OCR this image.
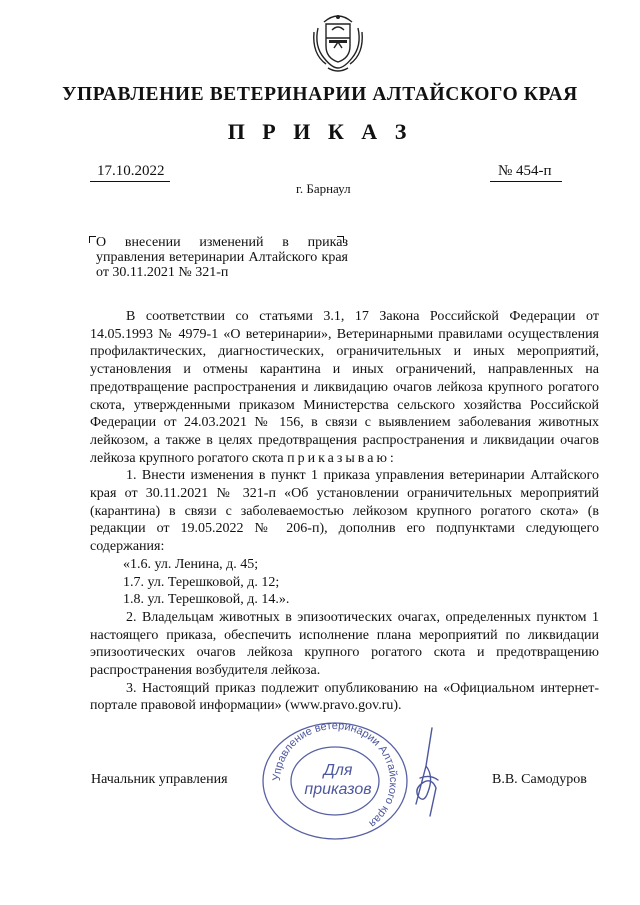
УПРАВЛЕНИЕ ВЕТЕРИНАРИИ АЛТАЙСКОГО КРАЯ
П Р И К А З
17.10.2022	№ 454-п
г. Барнаул
О внесении изменений в приказ управления ветеринарии Алтайского края от 30.11.2021 № 321-п

В соответствии со статьями 3.1, 17 Закона Российской Федерации от 14.05.1993 № 4979-1 «О ветеринарии», Ветеринарными правилами осуществления профилактических, диагностических, ограничительных и иных мероприятий, установления и отмены карантина и иных ограничений, направленных на предотвращение распространения и ликвидацию очагов лейкоза крупного рогатого скота, утвержденными приказом Министерства сельского хозяйства Российской Федерации от 24.03.2021 № 156, в связи с выявлением заболевания животных лейкозом, а также в целях предотвращения распространения и ликвидации очагов лейкоза крупного рогатого скота приказываю:

1. Внести изменения в пункт 1 приказа управления ветеринарии Алтайского края от 30.11.2021 № 321-п «Об установлении ограничительных мероприятий (карантина) в связи с заболеваемостью лейкозом крупного рогатого скота» (в редакции от 19.05.2022 № 206-п), дополнив его подпунктами следующего содержания:

«1.6. ул. Ленина, д. 45;

1.7. ул. Терешковой, д. 12;

1.8. ул. Терешковой, д. 14.».

2. Владельцам животных в эпизоотических очагах, определенных пунктом 1 настоящего приказа, обеспечить исполнение плана мероприятий по ликвидации эпизоотических очагов лейкоза крупного рогатого скота и предотвращению распространения возбудителя лейкоза.

3. Настоящий приказ подлежит опубликованию на «Официальном интернет-портале правовой информации» (www.pravo.gov.ru).

Начальник управления	В.В. Самодуров
Управление ветеринарии Алтайского края
Для
приказов
